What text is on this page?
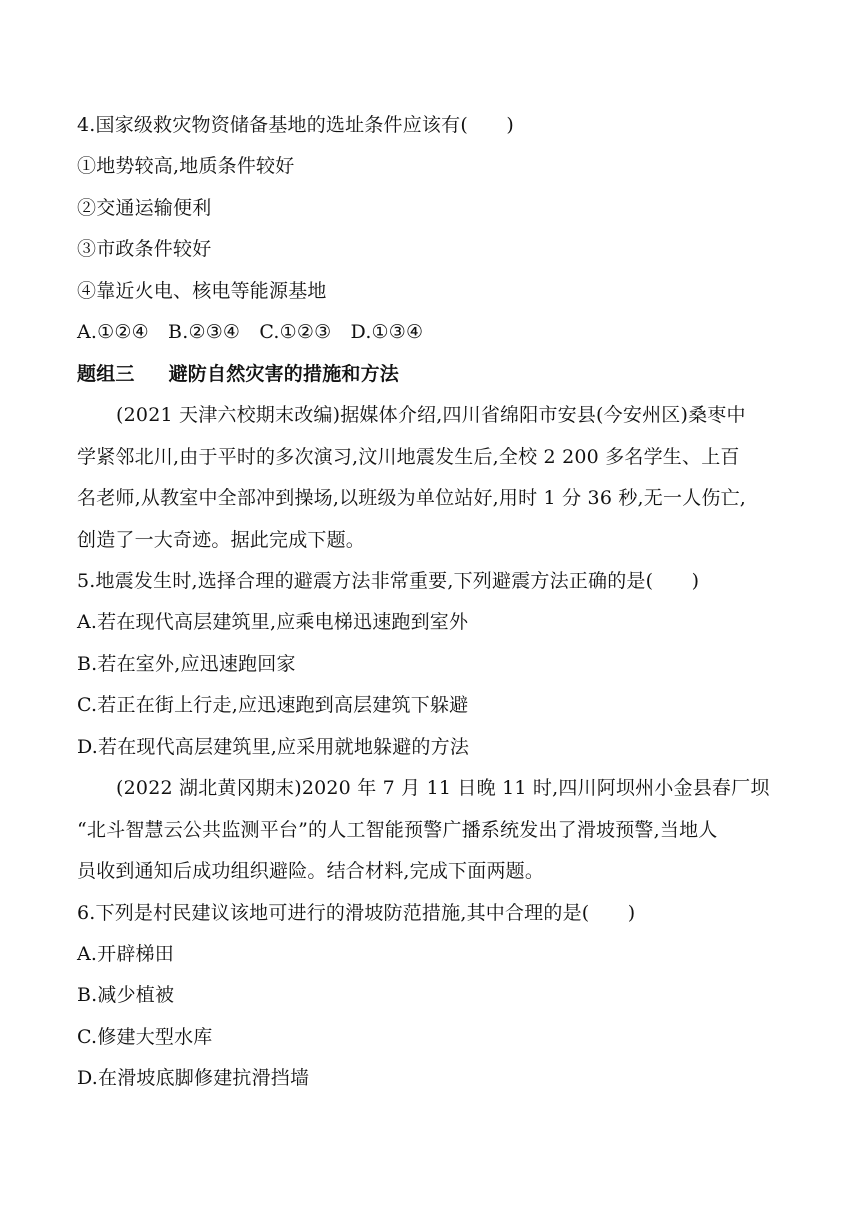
4.国家级救灾物资储备基地的选址条件应该有(　　)
①地势较高,地质条件较好
②交通运输便利
③市政条件较好
④靠近火电、核电等能源基地
A.①②④　B.②③④　C.①②③　D.①③④
题组三 避防自然灾害的措施和方法
(2021 天津六校期末改编)据媒体介绍,四川省绵阳市安县(今安州区)桑枣中
学紧邻北川,由于平时的多次演习,汶川地震发生后,全校 2 200 多名学生、上百
名老师,从教室中全部冲到操场,以班级为单位站好,用时 1 分 36 秒,无一人伤亡,
创造了一大奇迹。据此完成下题。
5.地震发生时,选择合理的避震方法非常重要,下列避震方法正确的是(　　)
A.若在现代高层建筑里,应乘电梯迅速跑到室外
B.若在室外,应迅速跑回家
C.若正在街上行走,应迅速跑到高层建筑下躲避
D.若在现代高层建筑里,应采用就地躲避的方法
(2022 湖北黄冈期末)2020 年 7 月 11 日晚 11 时,四川阿坝州小金县春厂坝
“北斗智慧云公共监测平台”的人工智能预警广播系统发出了滑坡预警,当地人
员收到通知后成功组织避险。结合材料,完成下面两题。
6.下列是村民建议该地可进行的滑坡防范措施,其中合理的是(　　)
A.开辟梯田
B.减少植被
C.修建大型水库
D.在滑坡底脚修建抗滑挡墙
